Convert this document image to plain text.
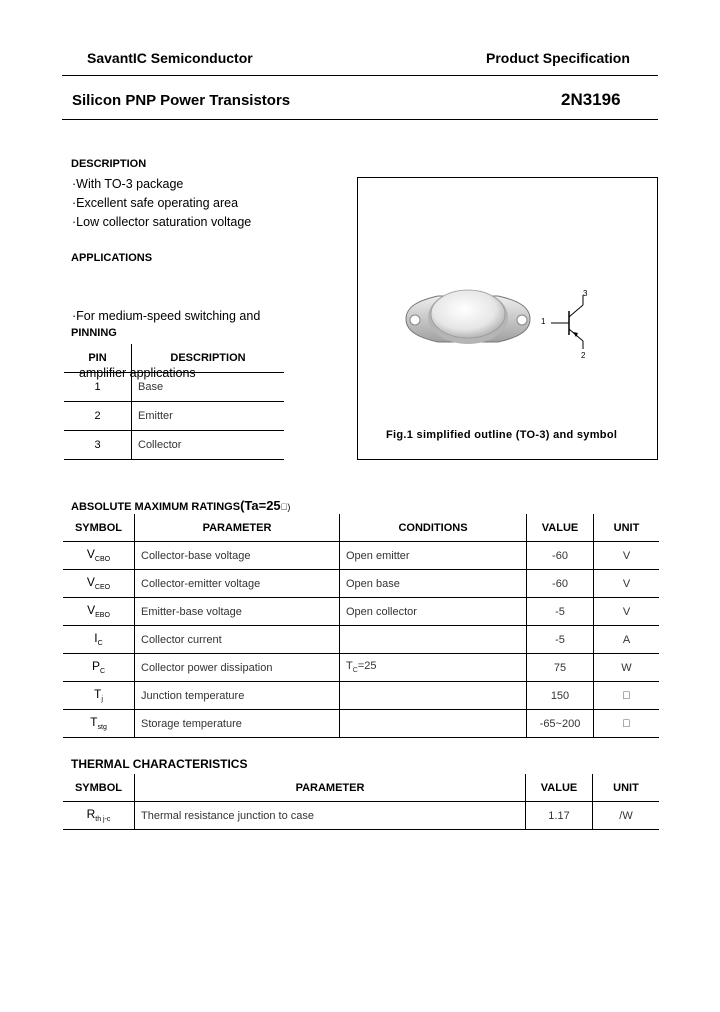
SavantIC Semiconductor	Product Specification
Silicon PNP Power Transistors	2N3196
DESCRIPTION
·With TO-3 package
·Excellent safe operating area
·Low collector saturation voltage
APPLICATIONS

·For medium-speed switching and

amplifier applications

PINNING
PIN	DESCRIPTION
1	Base
2	Emitter
3	Collector
1
2
3
Fig.1 simplified outline (TO-3) and symbol
ABSOLUTE MAXIMUM RATINGS(Ta=25 )
SYMBOL	PARAMETER	CONDITIONS	VALUE	UNIT
$V_{CBO}$	Collector-base voltage	Open emitter	-60	V
$V_{CEO}$	Collector-emitter voltage	Open base	-60	V
$V_{EBO}$	Emitter-base voltage	Open collector	-5	V
$I_C$	Collector current		-5	A
$P_C$	Collector power dissipation	$T_C=25$	75	W
$T_j$	Junction temperature		150	 
$T_{stg}$	Storage temperature		-65~200	 
THERMAL CHARACTERISTICS
SYMBOL	PARAMETER	VALUE	UNIT
$R_{th j-c}$	Thermal resistance junction to case	1.17	/W
